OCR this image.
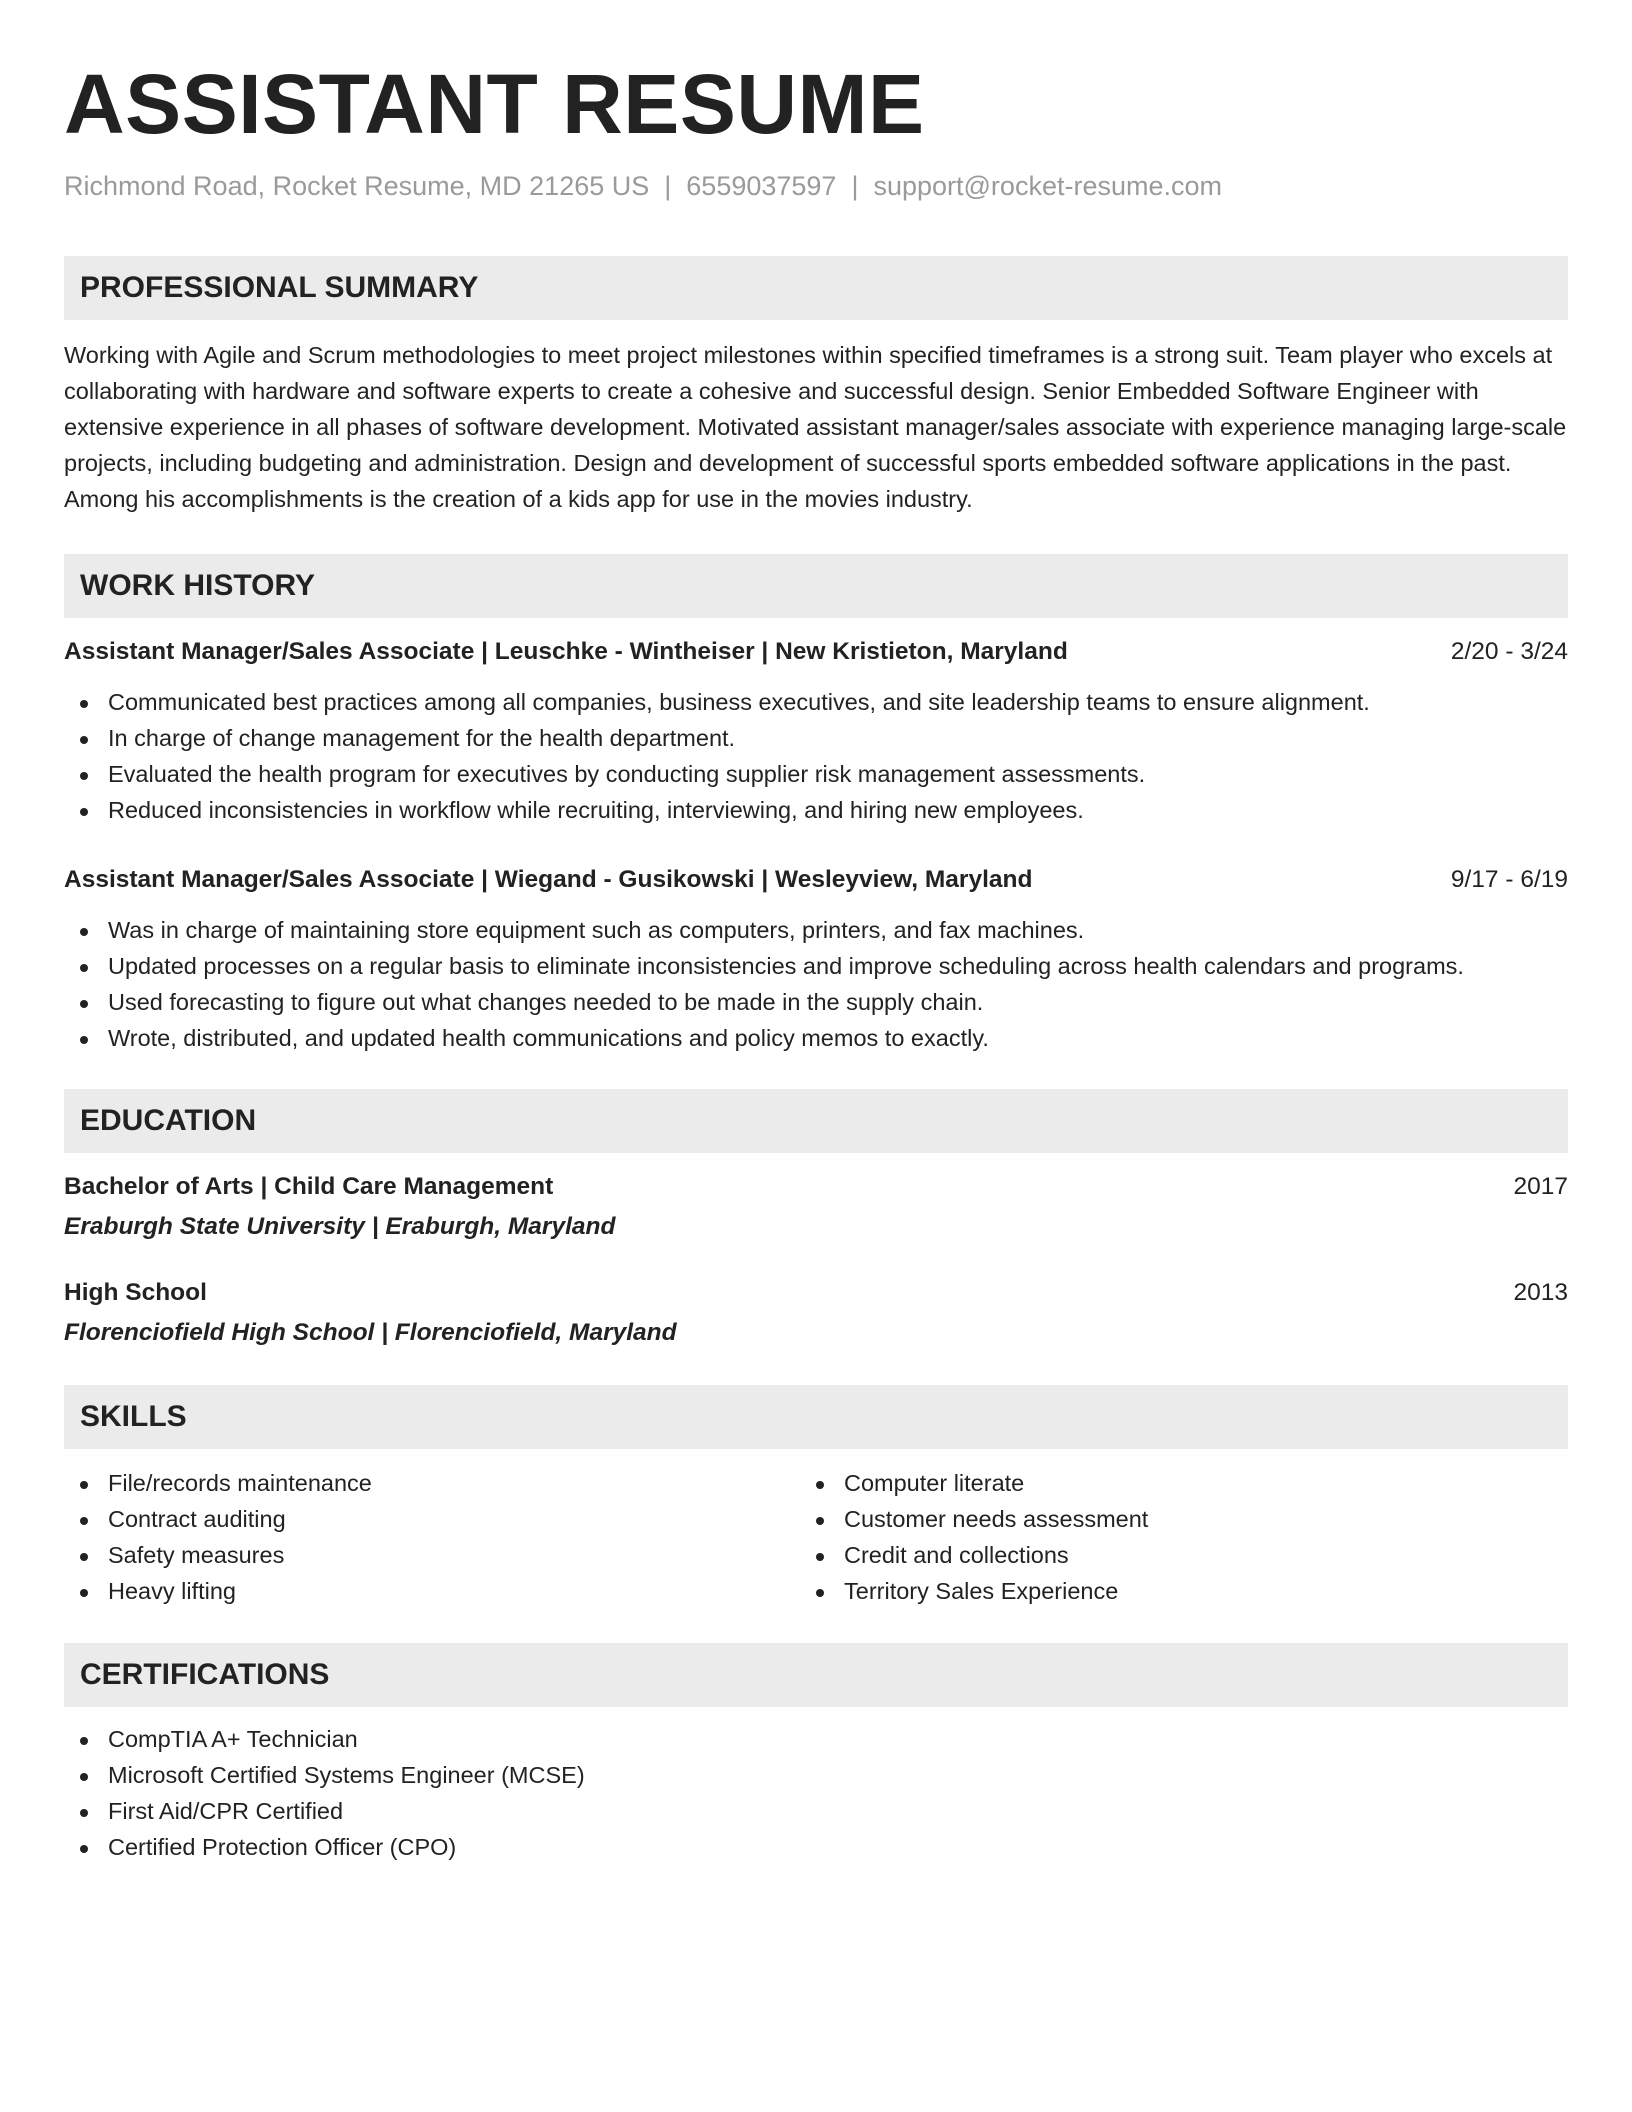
ASSISTANT RESUME
Richmond Road, Rocket Resume, MD 21265 US | 6559037597 | support@rocket-resume.com
PROFESSIONAL SUMMARY
Working with Agile and Scrum methodologies to meet project milestones within specified timeframes is a strong suit. Team player who excels at collaborating with hardware and software experts to create a cohesive and successful design. Senior Embedded Software Engineer with extensive experience in all phases of software development. Motivated assistant manager/sales associate with experience managing large-scale projects, including budgeting and administration. Design and development of successful sports embedded software applications in the past. Among his accomplishments is the creation of a kids app for use in the movies industry.
WORK HISTORY
Assistant Manager/Sales Associate | Leuschke - Wintheiser | New Kristieton, Maryland	2/20 - 3/24
Communicated best practices among all companies, business executives, and site leadership teams to ensure alignment.
In charge of change management for the health department.
Evaluated the health program for executives by conducting supplier risk management assessments.
Reduced inconsistencies in workflow while recruiting, interviewing, and hiring new employees.
Assistant Manager/Sales Associate | Wiegand - Gusikowski | Wesleyview, Maryland	9/17 - 6/19
Was in charge of maintaining store equipment such as computers, printers, and fax machines.
Updated processes on a regular basis to eliminate inconsistencies and improve scheduling across health calendars and programs.
Used forecasting to figure out what changes needed to be made in the supply chain.
Wrote, distributed, and updated health communications and policy memos to exactly.
EDUCATION
Bachelor of Arts | Child Care Management	2017
Eraburgh State University | Eraburgh, Maryland
High School	2013
Florenciofield High School | Florenciofield, Maryland
SKILLS
File/records maintenance
Contract auditing
Safety measures
Heavy lifting
Computer literate
Customer needs assessment
Credit and collections
Territory Sales Experience
CERTIFICATIONS
CompTIA A+ Technician
Microsoft Certified Systems Engineer (MCSE)
First Aid/CPR Certified
Certified Protection Officer (CPO)
